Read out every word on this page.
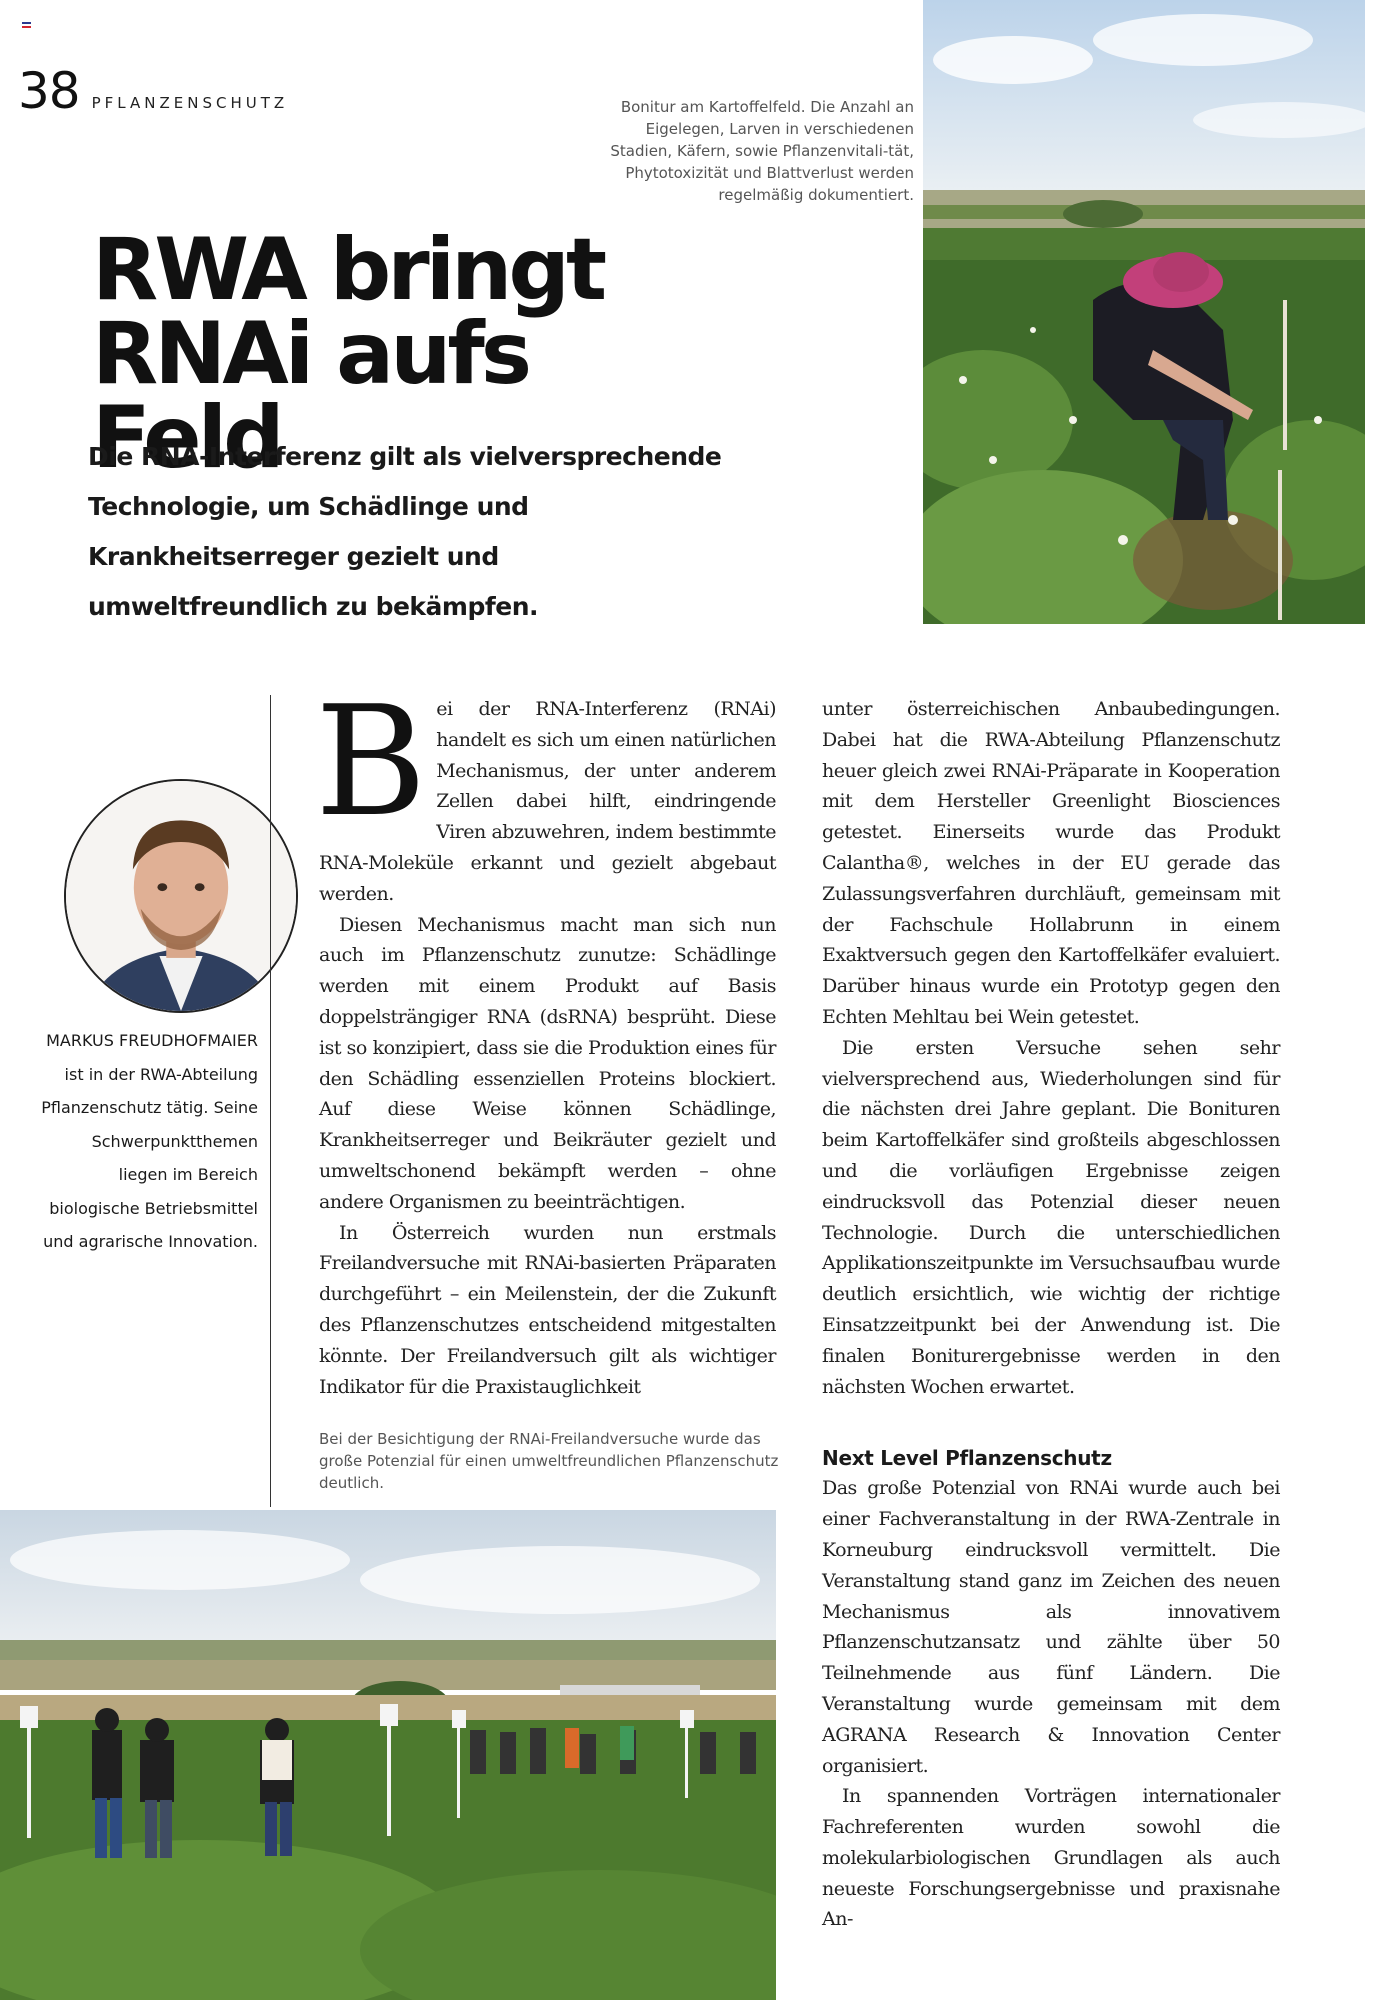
38 PFLANZENSCHUTZ	Bonitur am Kartoffelfeld. Die Anzahl an Eigelegen, Larven in verschiedenen Stadien, Käfern, sowie Pflanzenvitali-tät, Phytotoxizität und Blattverlust werden regelmäßig dokumentiert.
RWA bringt
RNAi aufs Feld

Die RNA-Interferenz gilt als vielversprechende Technologie, um Schädlinge und Krankheitserreger gezielt und umweltfreundlich zu bekämpfen.

MARKUS FREUDHOFMAIER
ist in der RWA-Abteilung Pflanzenschutz tätig. Seine Schwerpunktthemen liegen im Bereich biologische Betriebsmittel und agrarische Innovation.

Bei der RNA-Interferenz (RNAi) handelt es sich um einen natürlichen Mechanismus, der unter anderem Zellen dabei hilft, eindringende Viren abzuwehren, indem bestimmte RNA-Moleküle erkannt und gezielt abgebaut werden.

Diesen Mechanismus macht man sich nun auch im Pflanzenschutz zunutze: Schädlinge werden mit einem Produkt auf Basis doppelsträngiger RNA (dsRNA) besprüht. Diese ist so konzipiert, dass sie die Produktion eines für den Schädling essenziellen Proteins blockiert. Auf diese Weise können Schädlinge, Krankheitserreger und Beikräuter gezielt und umweltschonend bekämpft werden – ohne andere Organismen zu beeinträchtigen.

In Österreich wurden nun erstmals Freilandversuche mit RNAi-basierten Präparaten durchgeführt – ein Meilenstein, der die Zukunft des Pflanzenschutzes entscheidend mitgestalten könnte. Der Freilandversuch gilt als wichtiger Indikator für die Praxistauglichkeit

Bei der Besichtigung der RNAi-Freilandversuche wurde das große Potenzial für einen umweltfreundlichen Pflanzenschutz deutlich.

unter österreichischen Anbaubedingungen. Dabei hat die RWA-Abteilung Pflanzenschutz heuer gleich zwei RNAi-Präparate in Kooperation mit dem Hersteller Greenlight Biosciences getestet. Einerseits wurde das Produkt Calantha®, welches in der EU gerade das Zulassungsverfahren durchläuft, gemeinsam mit der Fachschule Hollabrunn in einem Exaktversuch gegen den Kartoffelkäfer evaluiert. Darüber hinaus wurde ein Prototyp gegen den Echten Mehltau bei Wein getestet.

Die ersten Versuche sehen sehr vielversprechend aus, Wiederholungen sind für die nächsten drei Jahre geplant. Die Bonituren beim Kartoffelkäfer sind großteils abgeschlossen und die vorläufigen Ergebnisse zeigen eindrucksvoll das Potenzial dieser neuen Technologie. Durch die unterschiedlichen Applikationszeitpunkte im Versuchsaufbau wurde deutlich ersichtlich, wie wichtig der richtige Einsatzzeitpunkt bei der Anwendung ist. Die finalen Boniturergebnisse werden in den nächsten Wochen erwartet.

Next Level Pflanzenschutz

Das große Potenzial von RNAi wurde auch bei einer Fachveranstaltung in der RWA-Zentrale in Korneuburg eindrucksvoll vermittelt. Die Veranstaltung stand ganz im Zeichen des neuen Mechanismus als innovativem Pflanzenschutzansatz und zählte über 50 Teilnehmende aus fünf Ländern. Die Veranstaltung wurde gemeinsam mit dem AGRANA Research & Innovation Center organisiert.

In spannenden Vorträgen internationaler Fachreferenten wurden sowohl die molekularbiologischen Grundlagen als auch neueste Forschungsergebnisse und praxisnahe An-
